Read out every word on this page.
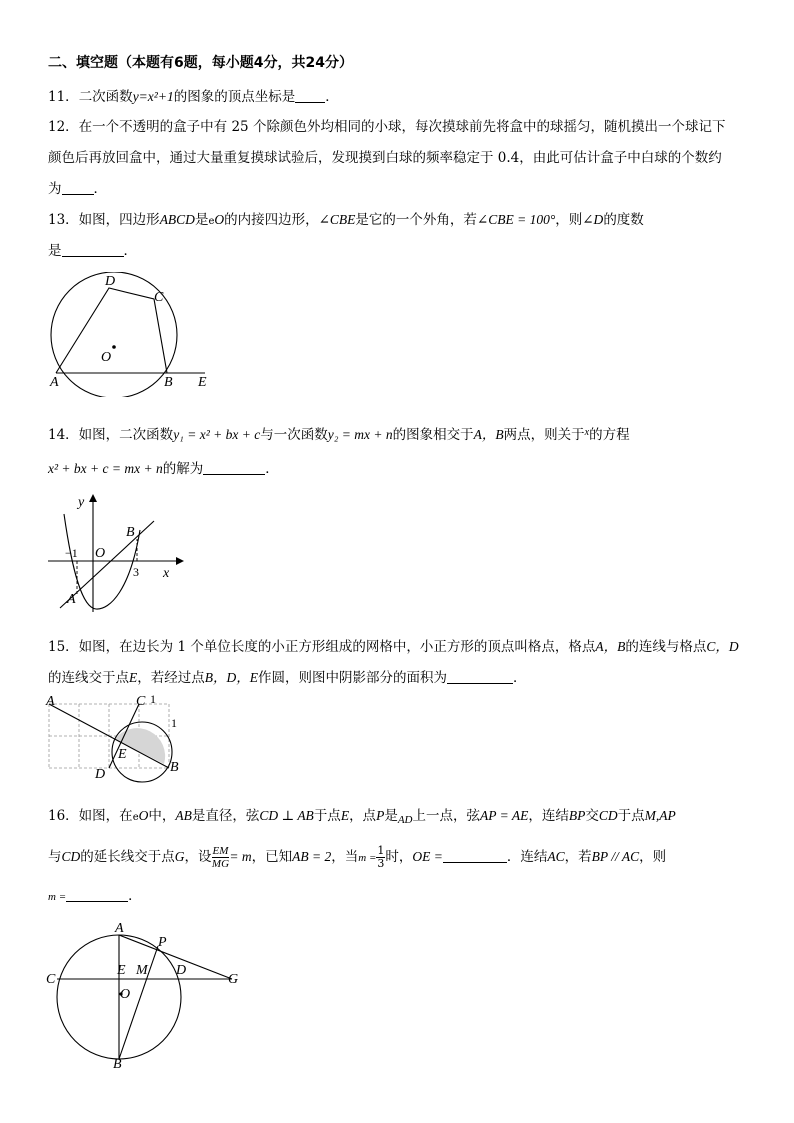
二、填空题（本题有6题，每小题4分，共24分）
11．二次函数y=x²+1的图象的顶点坐标是 ．
12．在一个不透明的盒子中有 25 个除颜色外均相同的小球，每次摸球前先将盒中的球摇匀，随机摸出一个球记下
颜色后再放回盒中，通过大量重复摸球试验后，发现摸到白球的频率稳定于 0.4，由此可估计盒子中白球的个数约
为 ．
13．如图，四边形ABCD是eO的内接四边形，∠CBE是它的一个外角，若∠CBE = 100°，则∠D的度数
是	．
D
C
O
A	B E
14．如图，二次函数y₁ = x² + bx + c与一次函数y₂ = mx + n的图象相交于A，B两点，则关于$^x$的方程
x² + bx + c = mx + n的解为	．
y
x
O
B
A
−1
3
15．如图，在边长为 1 个单位长度的小正方形组成的网格中，小正方形的顶点叫格点，格点A，B的连线与格点C，D
的连线交于点E，若经过点B，D，E作圆，则图中阴影部分的面积为	．
A	C 1
1
E
D	B
16．如图，在eO中，AB是直径，弦CD ⊥ AB于点E，点P是$_{AD}$上一点，弦AP = AE，连结BP交CD于点M,AP
与CD的延长线交于点G，设 $\frac{EM}{MG} = m$，已知AB = 2，当$m = \frac{1}{3}$ 时，OE =	．连结AC，若BP // AC，则
m =	．
A
P
C
E M D
G
O
B
